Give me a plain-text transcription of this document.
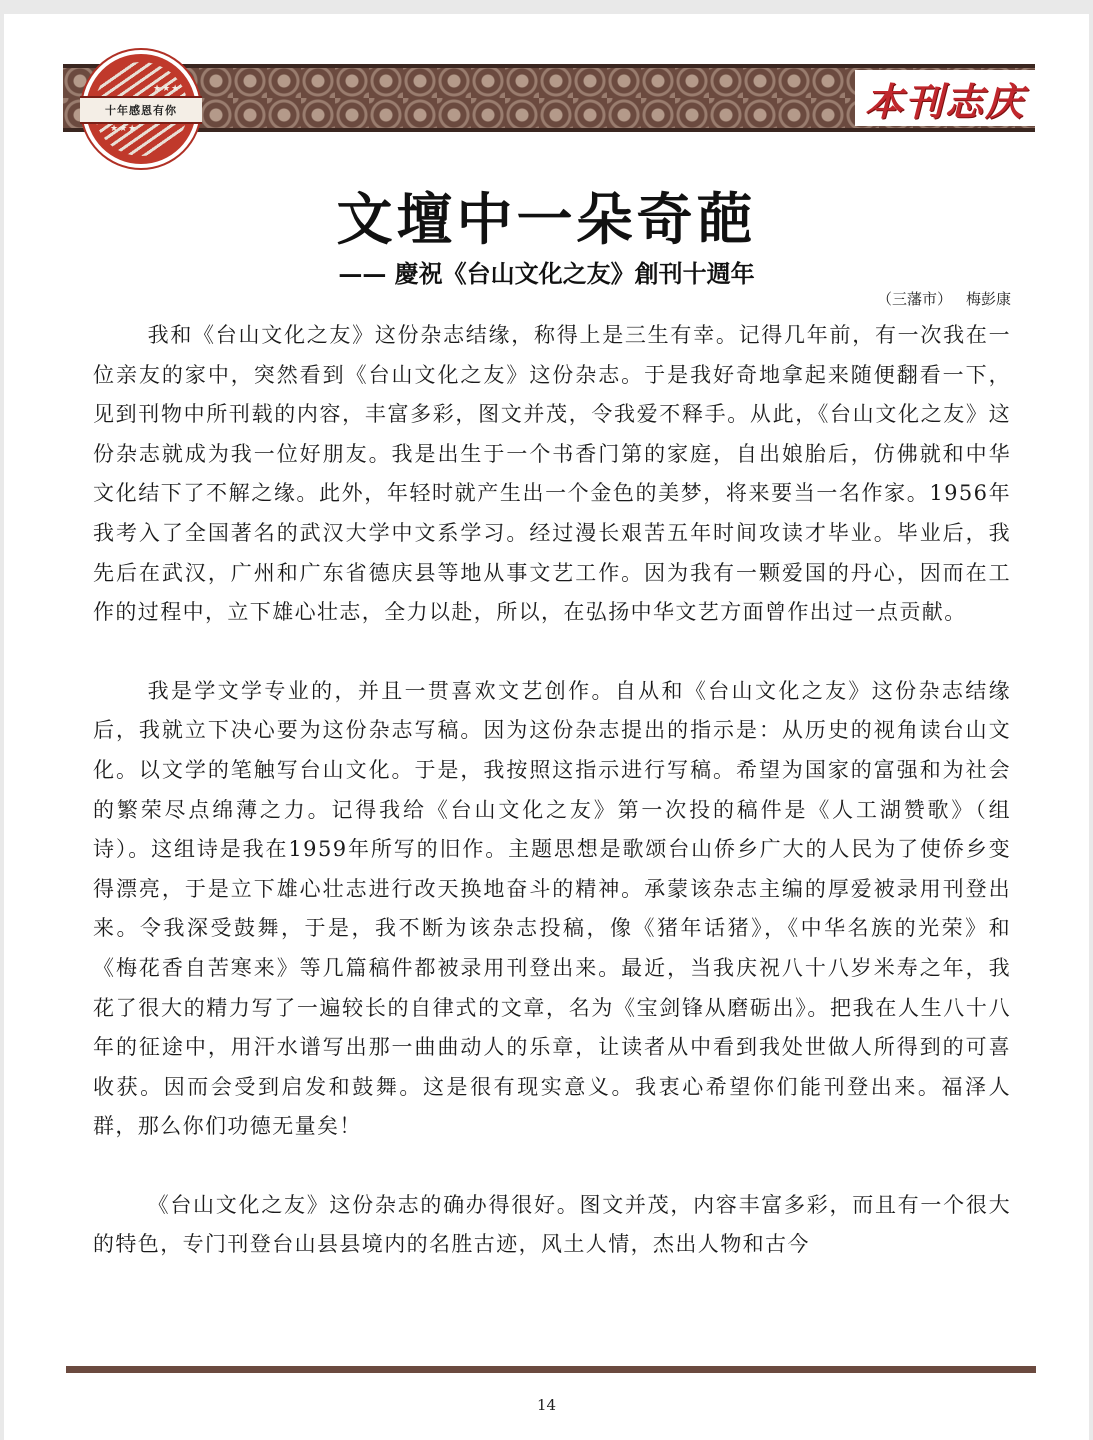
本刊志庆
★★★
十年感恩有你
★★★
文壇中一朵奇葩
—— 慶祝《台山文化之友》創刊十週年
（三藩市） 梅彭康

我和《台山文化之友》这份杂志结缘，称得上是三生有幸。记得几年前，有一次我在一位亲友的家中，突然看到《台山文化之友》这份杂志。于是我好奇地拿起来随便翻看一下，见到刊物中所刊载的内容，丰富多彩，图文并茂，令我爱不释手。从此，《台山文化之友》这份杂志就成为我一位好朋友。我是出生于一个书香门第的家庭，自出娘胎后，仿佛就和中华文化结下了不解之缘。此外，年轻时就产生出一个金色的美梦，将来要当一名作家。1956年我考入了全国著名的武汉大学中文系学习。经过漫长艰苦五年时间攻读才毕业。毕业后，我先后在武汉，广州和广东省德庆县等地从事文艺工作。因为我有一颗爱国的丹心，因而在工作的过程中，立下雄心壮志，全力以赴，所以，在弘扬中华文艺方面曾作出过一点贡献。

我是学文学专业的，并且一贯喜欢文艺创作。自从和《台山文化之友》这份杂志结缘后，我就立下决心要为这份杂志写稿。因为这份杂志提出的指示是：从历史的视角读台山文化。以文学的笔触写台山文化。于是，我按照这指示进行写稿。希望为国家的富强和为社会的繁荣尽点绵薄之力。记得我给《台山文化之友》第一次投的稿件是《人工湖赞歌》（组诗）。这组诗是我在1959年所写的旧作。主题思想是歌颂台山侨乡广大的人民为了使侨乡变得漂亮，于是立下雄心壮志进行改天换地奋斗的精神。承蒙该杂志主编的厚爱被录用刊登出来。令我深受鼓舞，于是，我不断为该杂志投稿，像《猪年话猪》，《中华名族的光荣》和《梅花香自苦寒来》等几篇稿件都被录用刊登出来。最近，当我庆祝八十八岁米寿之年，我花了很大的精力写了一遍较长的自律式的文章，名为《宝剑锋从磨砺出》。把我在人生八十八年的征途中，用汗水谱写出那一曲曲动人的乐章，让读者从中看到我处世做人所得到的可喜收获。因而会受到启发和鼓舞。这是很有现实意义。我衷心希望你们能刊登出来。福泽人群，那么你们功德无量矣！

《台山文化之友》这份杂志的确办得很好。图文并茂，内容丰富多彩，而且有一个很大的特色，专门刊登台山县县境内的名胜古迹，风土人情，杰出人物和古今

14
